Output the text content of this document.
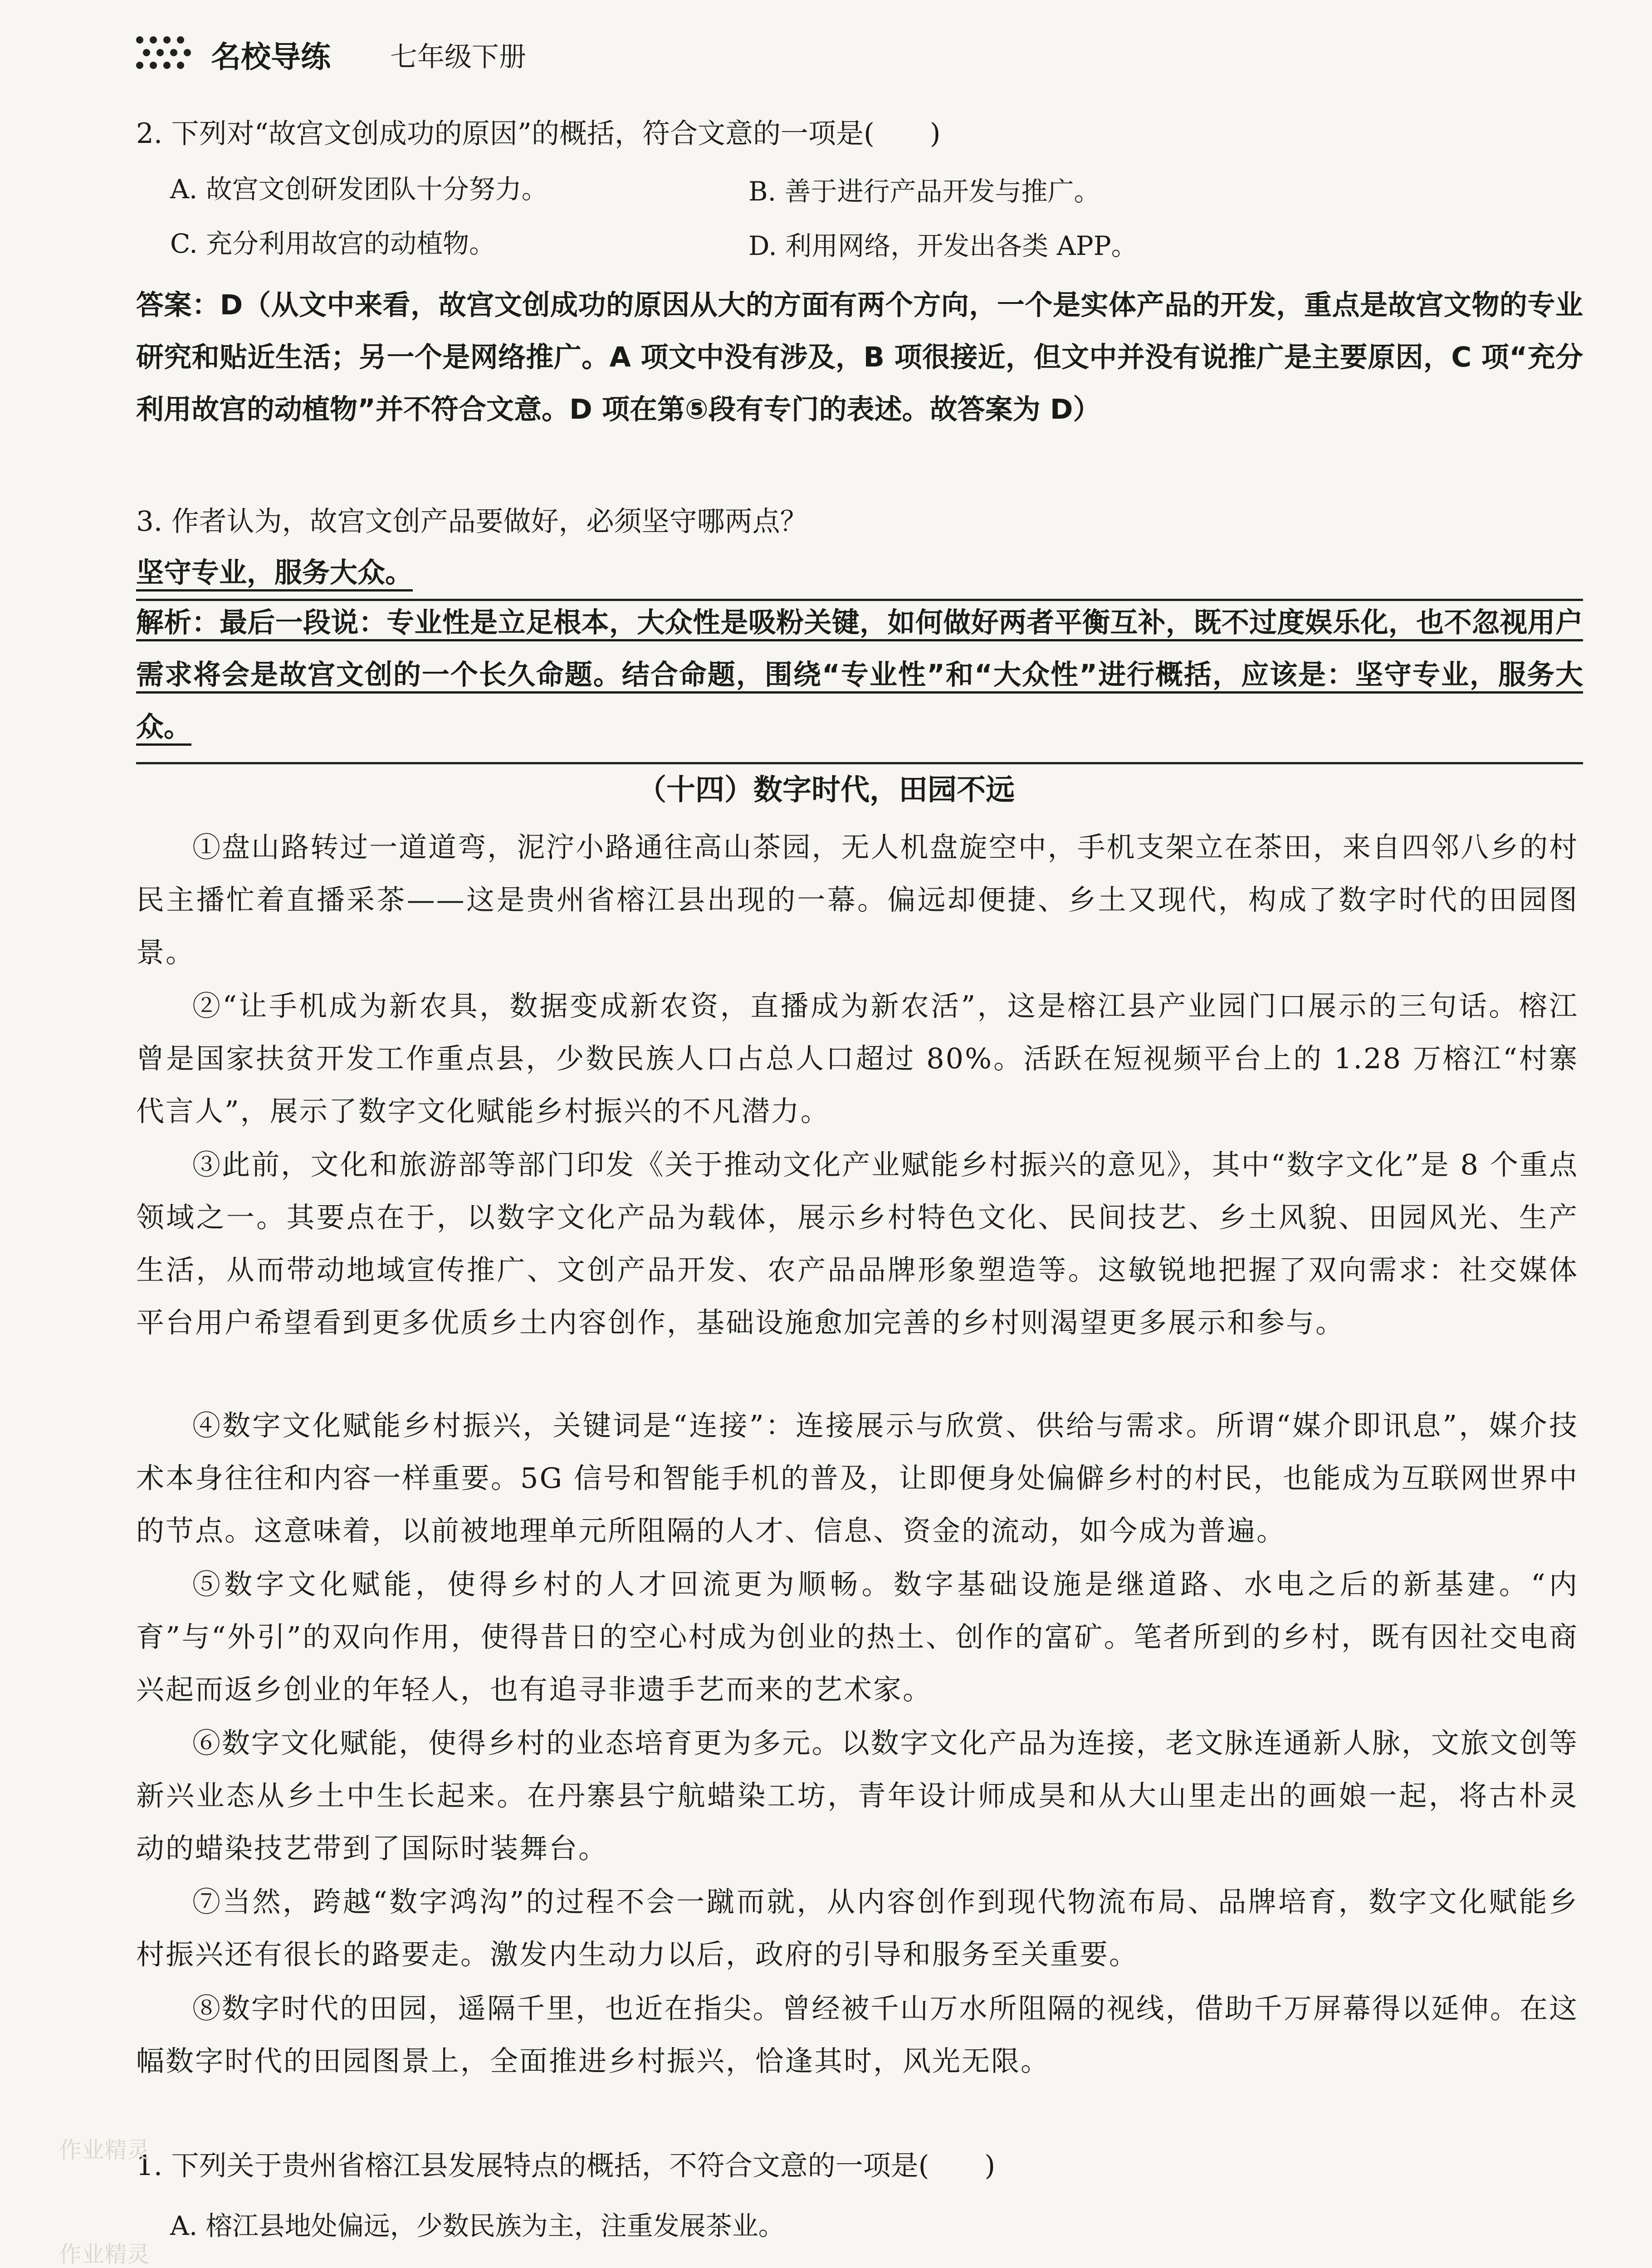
名校导练 七年级下册
2. 下列对“故宫文创成功的原因”的概括，符合文意的一项是(　　)
A. 故宫文创研发团队十分努力。	B. 善于进行产品开发与推广。
C. 充分利用故宫的动植物。	D. 利用网络，开发出各类 APP。
答案：D（从文中来看，故宫文创成功的原因从大的方面有两个方向，一个是实体产品的开发，重点是故宫文物的专业研究和贴近生活；另一个是网络推广。A 项文中没有涉及，B 项很接近，但文中并没有说推广是主要原因，C 项“充分利用故宫的动植物”并不符合文意。D 项在第⑤段有专门的表述。故答案为 D）
3. 作者认为，故宫文创产品要做好，必须坚守哪两点？
坚守专业，服务大众。
解析：最后一段说：专业性是立足根本，大众性是吸粉关键，如何做好两者平衡互补，既不过度娱乐化，也不忽视用户需求将会是故宫文创的一个长久命题。结合命题，围绕“专业性”和“大众性”进行概括，应该是：坚守专业，服务大众。
（十四）数字时代，田园不远
①盘山路转过一道道弯，泥泞小路通往高山茶园，无人机盘旋空中，手机支架立在茶田，来自四邻八乡的村民主播忙着直播采茶——这是贵州省榕江县出现的一幕。偏远却便捷、乡土又现代，构成了数字时代的田园图景。
②“让手机成为新农具，数据变成新农资，直播成为新农活”，这是榕江县产业园门口展示的三句话。榕江曾是国家扶贫开发工作重点县，少数民族人口占总人口超过 80%。活跃在短视频平台上的 1.28 万榕江“村寨代言人”，展示了数字文化赋能乡村振兴的不凡潜力。
③此前，文化和旅游部等部门印发《关于推动文化产业赋能乡村振兴的意见》，其中“数字文化”是 8 个重点领域之一。其要点在于，以数字文化产品为载体，展示乡村特色文化、民间技艺、乡土风貌、田园风光、生产生活，从而带动地域宣传推广、文创产品开发、农产品品牌形象塑造等。这敏锐地把握了双向需求：社交媒体平台用户希望看到更多优质乡土内容创作，基础设施愈加完善的乡村则渴望更多展示和参与。
④数字文化赋能乡村振兴，关键词是“连接”：连接展示与欣赏、供给与需求。所谓“媒介即讯息”，媒介技术本身往往和内容一样重要。5G 信号和智能手机的普及，让即便身处偏僻乡村的村民，也能成为互联网世界中的节点。这意味着，以前被地理单元所阻隔的人才、信息、资金的流动，如今成为普遍。
⑤数字文化赋能，使得乡村的人才回流更为顺畅。数字基础设施是继道路、水电之后的新基建。“内育”与“外引”的双向作用，使得昔日的空心村成为创业的热土、创作的富矿。笔者所到的乡村，既有因社交电商兴起而返乡创业的年轻人，也有追寻非遗手艺而来的艺术家。
⑥数字文化赋能，使得乡村的业态培育更为多元。以数字文化产品为连接，老文脉连通新人脉，文旅文创等新兴业态从乡土中生长起来。在丹寨县宁航蜡染工坊，青年设计师成昊和从大山里走出的画娘一起，将古朴灵动的蜡染技艺带到了国际时装舞台。
⑦当然，跨越“数字鸿沟”的过程不会一蹴而就，从内容创作到现代物流布局、品牌培育，数字文化赋能乡村振兴还有很长的路要走。激发内生动力以后，政府的引导和服务至关重要。
⑧数字时代的田园，遥隔千里，也近在指尖。曾经被千山万水所阻隔的视线，借助千万屏幕得以延伸。在这幅数字时代的田园图景上，全面推进乡村振兴，恰逢其时，风光无限。
1. 下列关于贵州省榕江县发展特点的概括，不符合文意的一项是(　　)
A. 榕江县地处偏远，少数民族为主，注重发展茶业。
作业精灵
作业精灵
